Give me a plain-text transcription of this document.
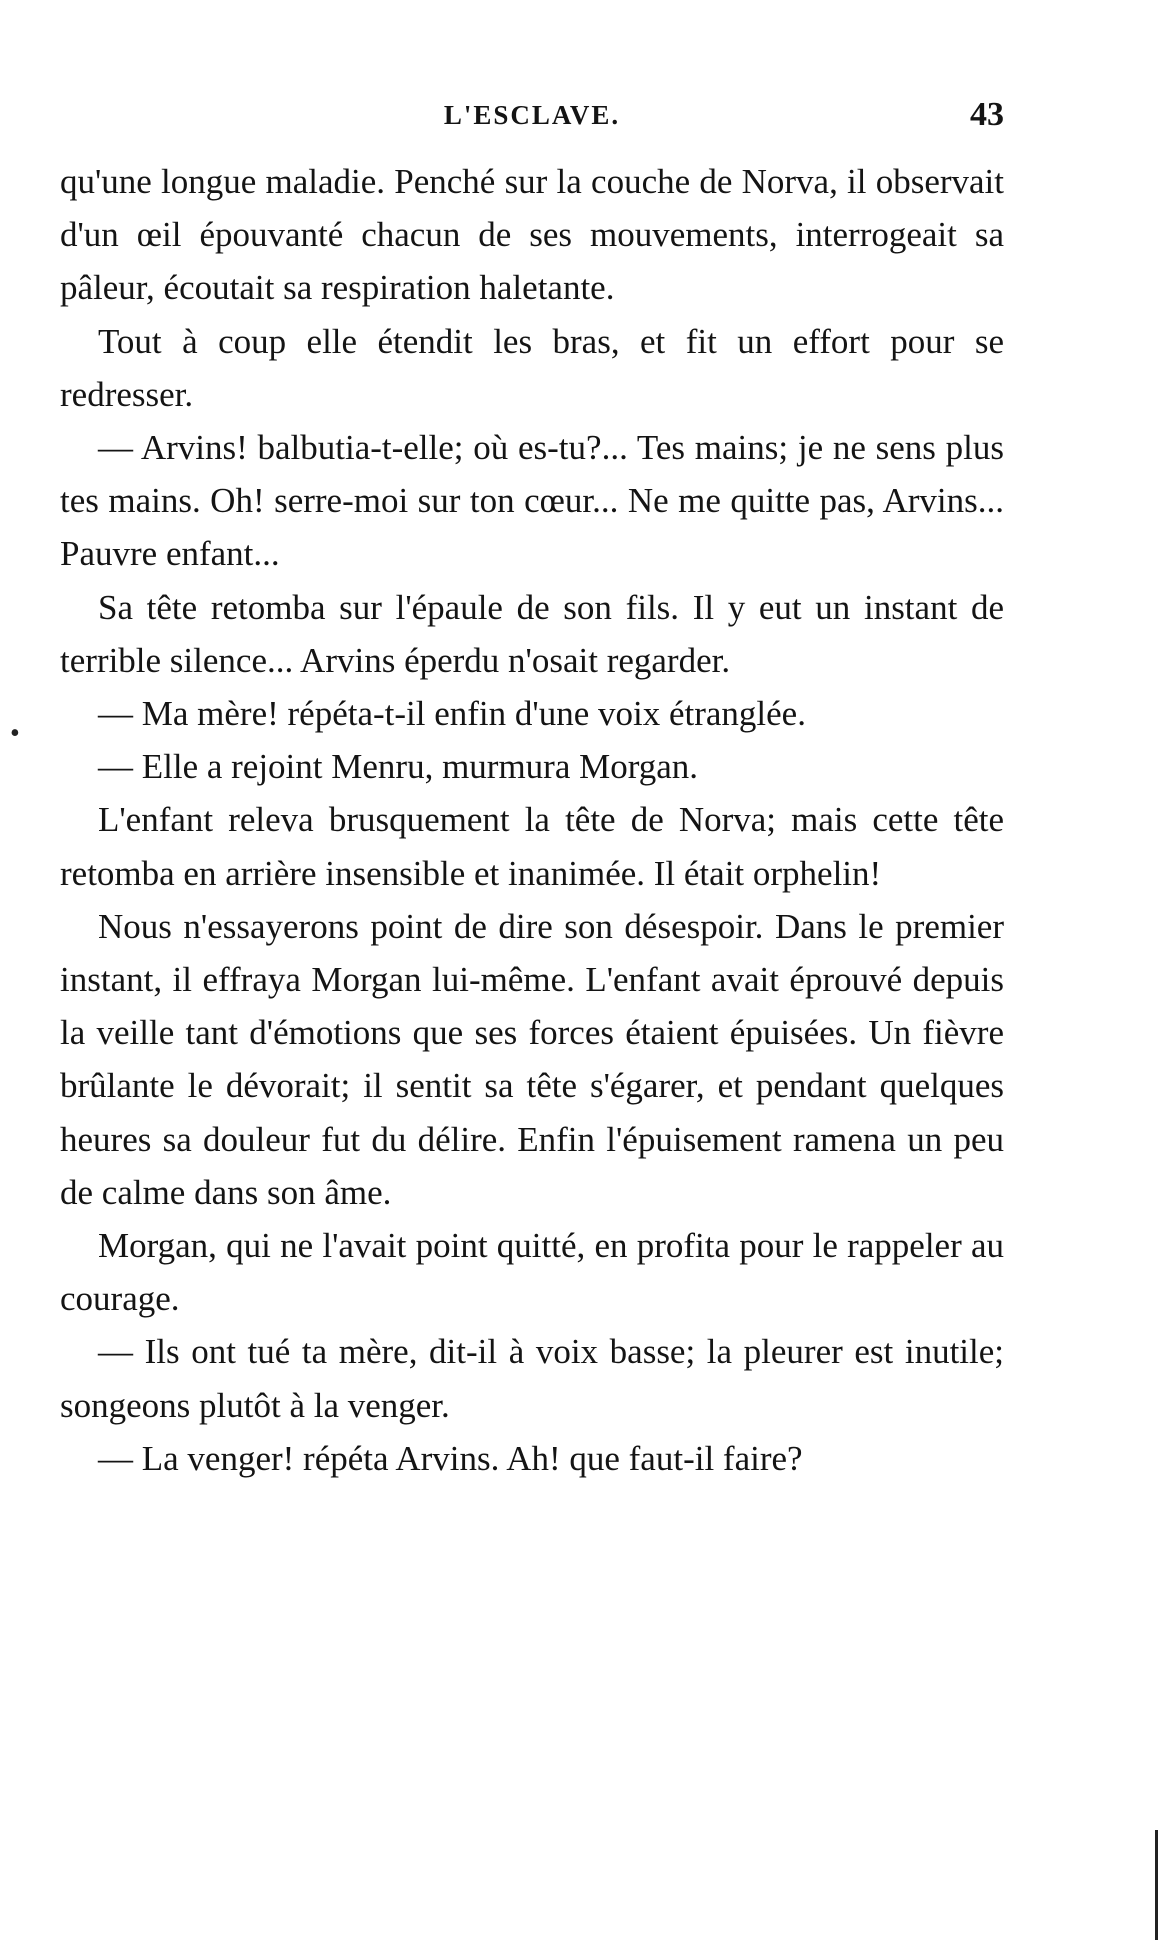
L'ESCLAVE.	43

qu'une longue maladie. Penché sur la couche de Norva, il observait d'un œil épouvanté chacun de ses mouvements, interrogeait sa pâleur, écoutait sa respiration haletante.

Tout à coup elle étendit les bras, et fit un effort pour se redresser.

— Arvins! balbutia-t-elle; où es-tu?... Tes mains; je ne sens plus tes mains. Oh! serre-moi sur ton cœur... Ne me quitte pas, Arvins... Pauvre enfant...

Sa tête retomba sur l'épaule de son fils. Il y eut un instant de terrible silence... Arvins éperdu n'osait regarder.

— Ma mère! répéta-t-il enfin d'une voix étranglée.

— Elle a rejoint Menru, murmura Morgan.

L'enfant releva brusquement la tête de Norva; mais cette tête retomba en arrière insensible et inanimée. Il était orphelin!

Nous n'essayerons point de dire son désespoir. Dans le premier instant, il effraya Morgan lui-même. L'enfant avait éprouvé depuis la veille tant d'émotions que ses forces étaient épuisées. Un fièvre brûlante le dévorait; il sentit sa tête s'égarer, et pendant quelques heures sa douleur fut du délire. Enfin l'épuisement ramena un peu de calme dans son âme.

Morgan, qui ne l'avait point quitté, en profita pour le rappeler au courage.

— Ils ont tué ta mère, dit-il à voix basse; la pleurer est inutile; songeons plutôt à la venger.

— La venger! répéta Arvins. Ah! que faut-il faire?

•
